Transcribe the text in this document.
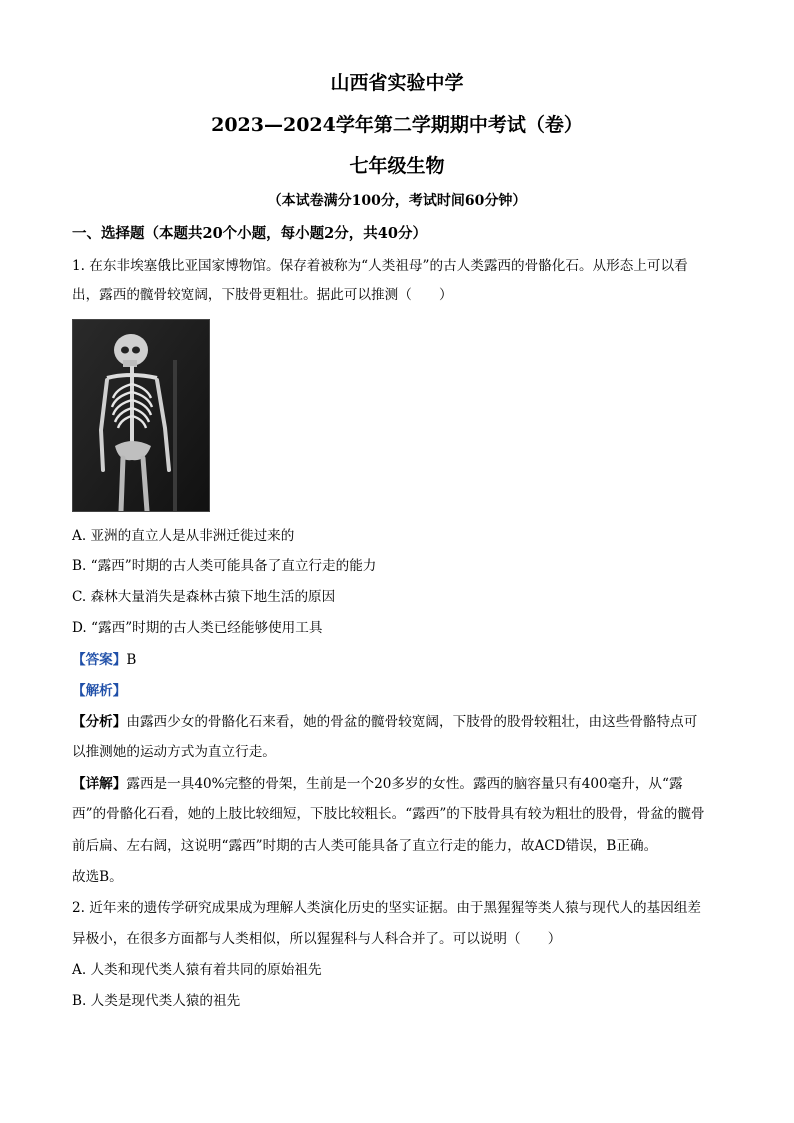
山西省实验中学

2023—2024学年第二学期期中考试（卷）

七年级生物

（本试卷满分100分，考试时间60分钟）

一、选择题（本题共20个小题，每小题2分，共40分）

1. 在东非埃塞俄比亚国家博物馆。保存着被称为“人类祖母”的古人类露西的骨骼化石。从形态上可以看

出，露西的髋骨较宽阔，下肢骨更粗壮。据此可以推测（　　）

A. 亚洲的直立人是从非洲迁徙过来的

B. “露西”时期的古人类可能具备了直立行走的能力

C. 森林大量消失是森林古猿下地生活的原因

D. “露西”时期的古人类已经能够使用工具

【答案】B

【解析】

【分析】由露西少女的骨骼化石来看，她的骨盆的髋骨较宽阔，下肢骨的股骨较粗壮，由这些骨骼特点可

以推测她的运动方式为直立行走。

【详解】露西是一具40%完整的骨架，生前是一个20多岁的女性。露西的脑容量只有400毫升，从“露

西”的骨骼化石看，她的上肢比较细短，下肢比较粗长。“露西”的下肢骨具有较为粗壮的股骨，骨盆的髋骨

前后扁、左右阔，这说明“露西”时期的古人类可能具备了直立行走的能力，故ACD错误，B正确。

故选B。

2. 近年来的遗传学研究成果成为理解人类演化历史的坚实证据。由于黑猩猩等类人猿与现代人的基因组差

异极小，在很多方面都与人类相似，所以猩猩科与人科合并了。可以说明（　　）

A. 人类和现代类人猿有着共同的原始祖先

B. 人类是现代类人猿的祖先
